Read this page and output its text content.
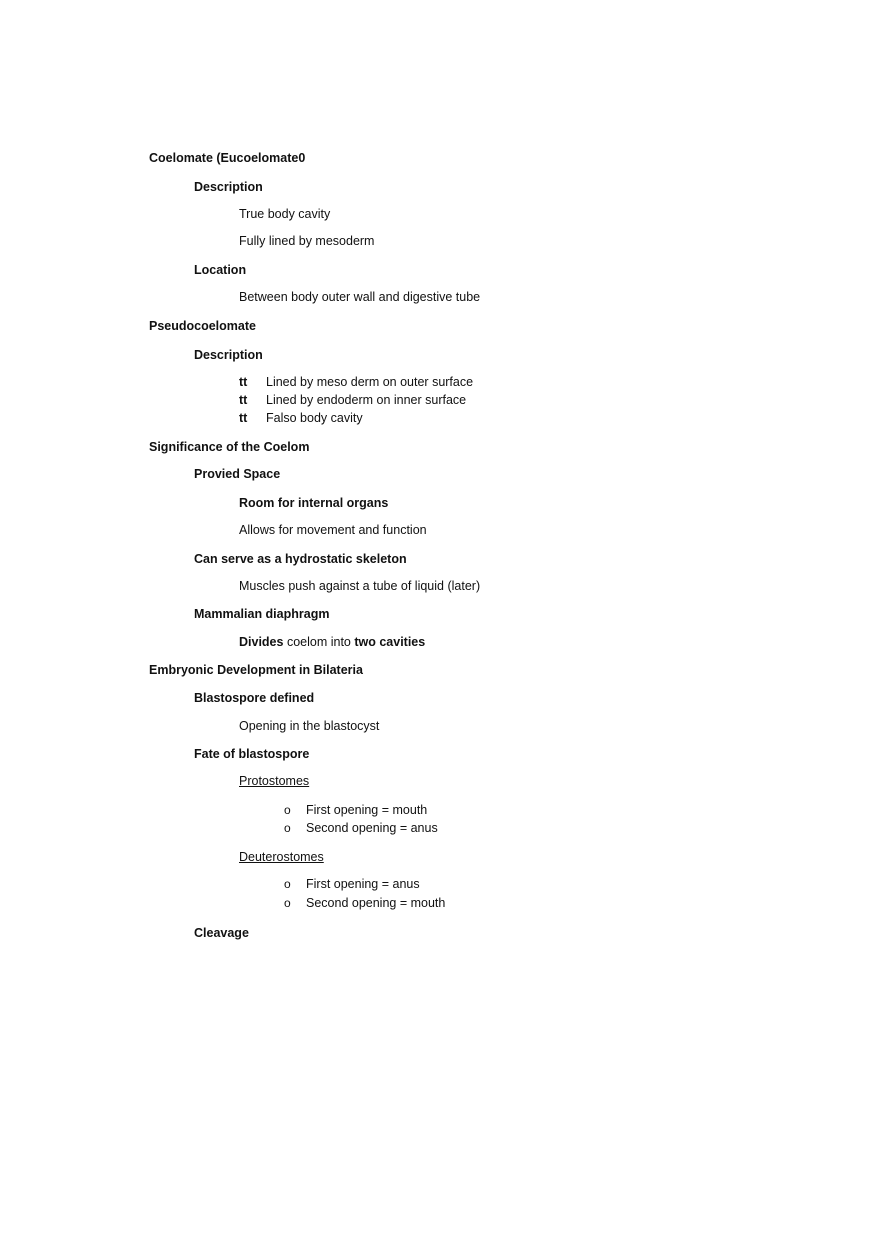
Coelomate (Eucoelomate0
Description
True body cavity
Fully lined by mesoderm
Location
Between body outer wall and digestive tube
Pseudocoelomate
Description
tt Lined by meso derm on outer surface
tt Lined by endoderm on inner surface
tt Falso body cavity
Significance of the Coelom
Provied Space
Room for internal organs
Allows for movement and function
Can serve as a hydrostatic skeleton
Muscles push against a tube of liquid (later)
Mammalian diaphragm
Divides coelom into two cavities
Embryonic Development in Bilateria
Blastospore defined
Opening in the blastocyst
Fate of blastospore
Protostomes
o First opening = mouth
o Second opening = anus
Deuterostomes
o First opening = anus
o Second opening = mouth
Cleavage
